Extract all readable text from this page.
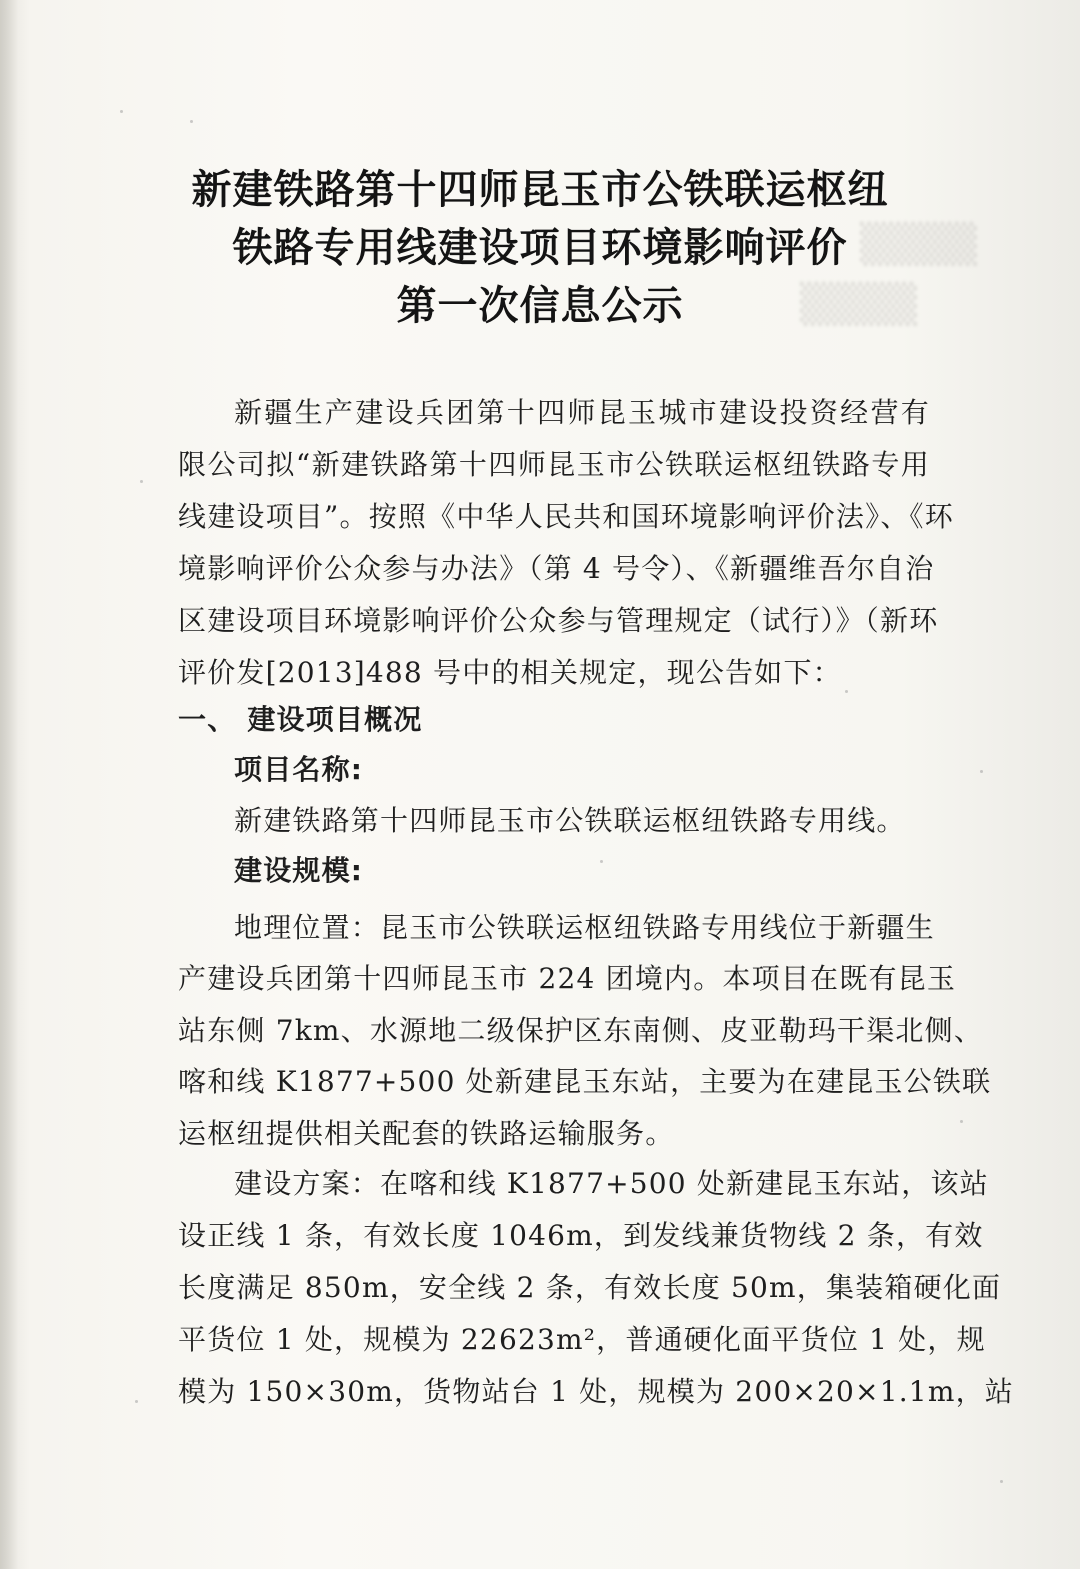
▒▒▒▒
▒▒▒▒
新建铁路第十四师昆玉市公铁联运枢纽
铁路专用线建设项目环境影响评价
第一次信息公示
新疆生产建设兵团第十四师昆玉城市建设投资经营有
限公司拟“新建铁路第十四师昆玉市公铁联运枢纽铁路专用
线建设项目”。按照《中华人民共和国环境影响评价法》、《环
境影响评价公众参与办法》（第 4 号令）、《新疆维吾尔自治
区建设项目环境影响评价公众参与管理规定（试行）》（新环
评价发[2013]488 号中的相关规定，现公告如下：
一、 建设项目概况
项目名称:
新建铁路第十四师昆玉市公铁联运枢纽铁路专用线。
建设规模:
地理位置：昆玉市公铁联运枢纽铁路专用线位于新疆生
产建设兵团第十四师昆玉市 224 团境内。本项目在既有昆玉
站东侧 7km、水源地二级保护区东南侧、皮亚勒玛干渠北侧、
喀和线 K1877+500 处新建昆玉东站，主要为在建昆玉公铁联
运枢纽提供相关配套的铁路运输服务。
建设方案：在喀和线 K1877+500 处新建昆玉东站，该站
设正线 1 条，有效长度 1046m，到发线兼货物线 2 条，有效
长度满足 850m，安全线 2 条，有效长度 50m，集装箱硬化面
平货位 1 处，规模为 22623m²，普通硬化面平货位 1 处，规
模为 150×30m，货物站台 1 处，规模为 200×20×1.1m，站
